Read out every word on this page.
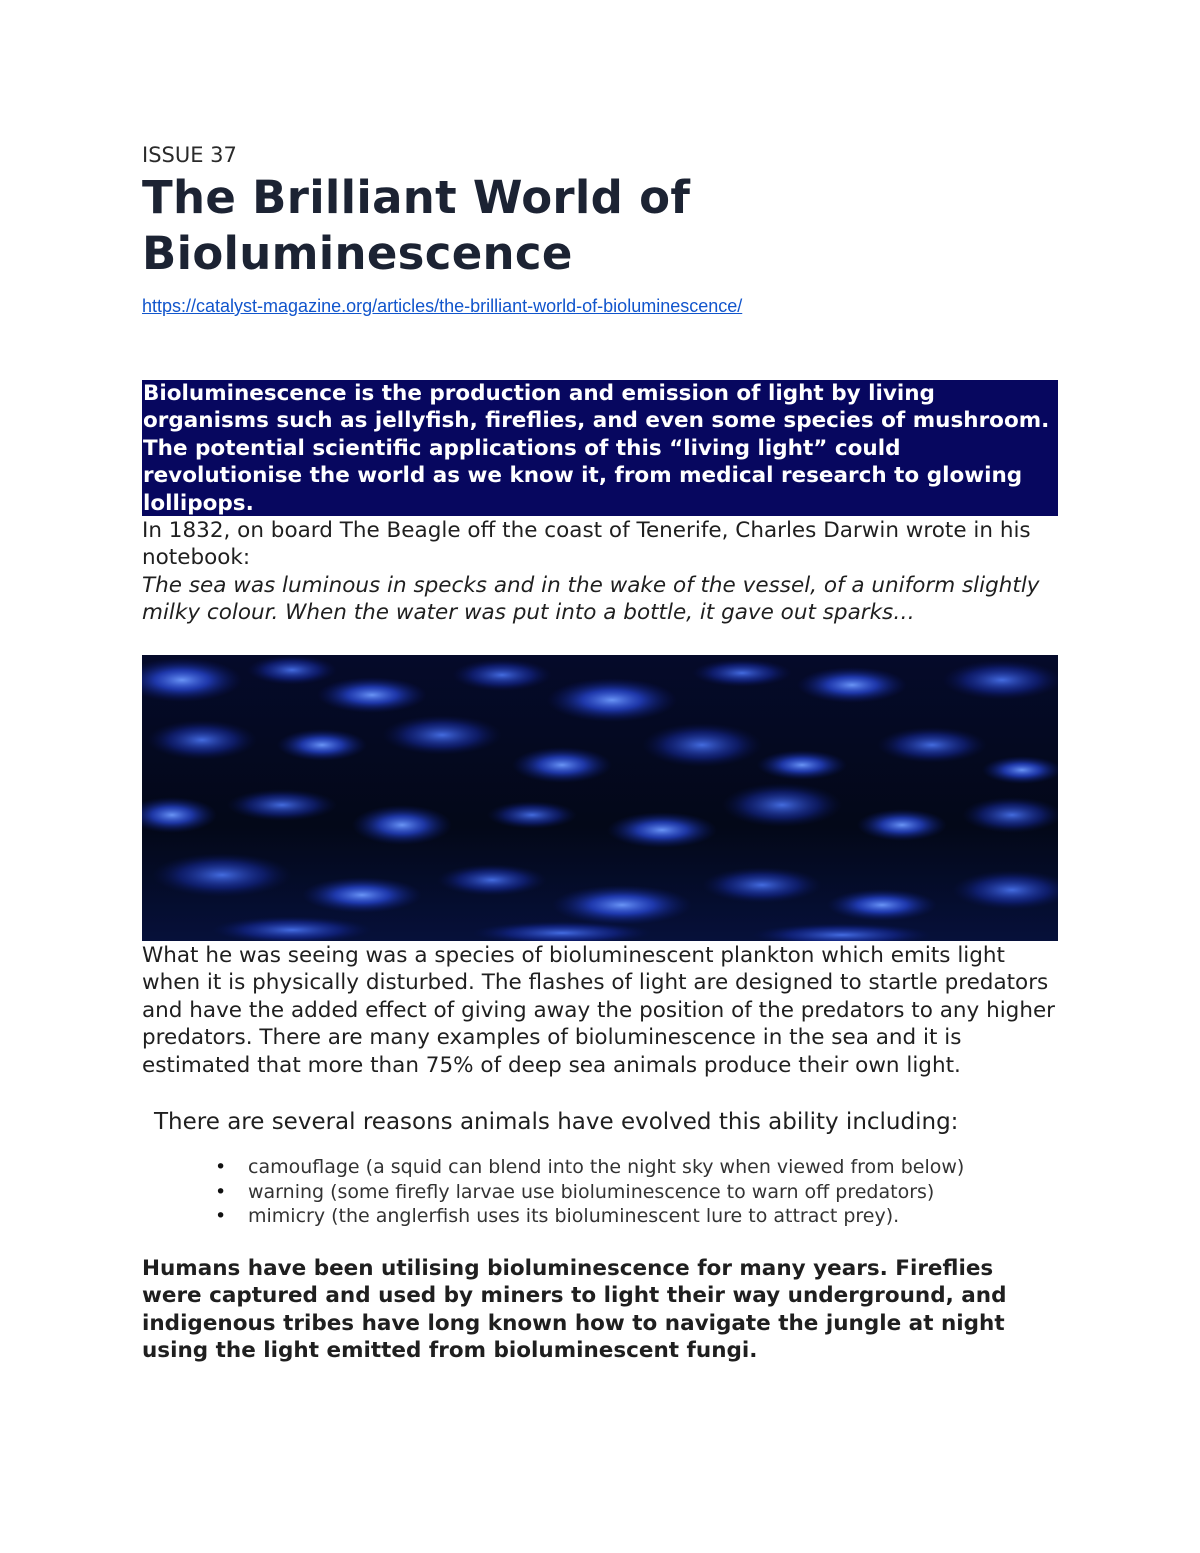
ISSUE 37
The Brilliant World of
Bioluminescence
https://catalyst-magazine.org/articles/the-brilliant-world-of-bioluminescence/

Bioluminescence is the production and emission of light by living organisms such as jellyfish, fireflies, and even some species of mushroom. The potential scientific applications of this “living light” could revolutionise the world as we know it, from medical research to glowing lollipops.

In 1832, on board The Beagle off the coast of Tenerife, Charles Darwin wrote in his notebook:

The sea was luminous in specks and in the wake of the vessel, of a uniform slightly milky colour. When the water was put into a bottle, it gave out sparks…

What he was seeing was a species of bioluminescent plankton which emits light when it is physically disturbed. The flashes of light are designed to startle predators and have the added effect of giving away the position of the predators to any higher predators. There are many examples of bioluminescence in the sea and it is estimated that more than 75% of deep sea animals produce their own light.

There are several reasons animals have evolved this ability including:

• camouflage (a squid can blend into the night sky when viewed from below)
• warning (some firefly larvae use bioluminescence to warn off predators)
• mimicry (the anglerfish uses its bioluminescent lure to attract prey).

Humans have been utilising bioluminescence for many years. Fireflies were captured and used by miners to light their way underground, and indigenous tribes have long known how to navigate the jungle at night using the light emitted from bioluminescent fungi.
